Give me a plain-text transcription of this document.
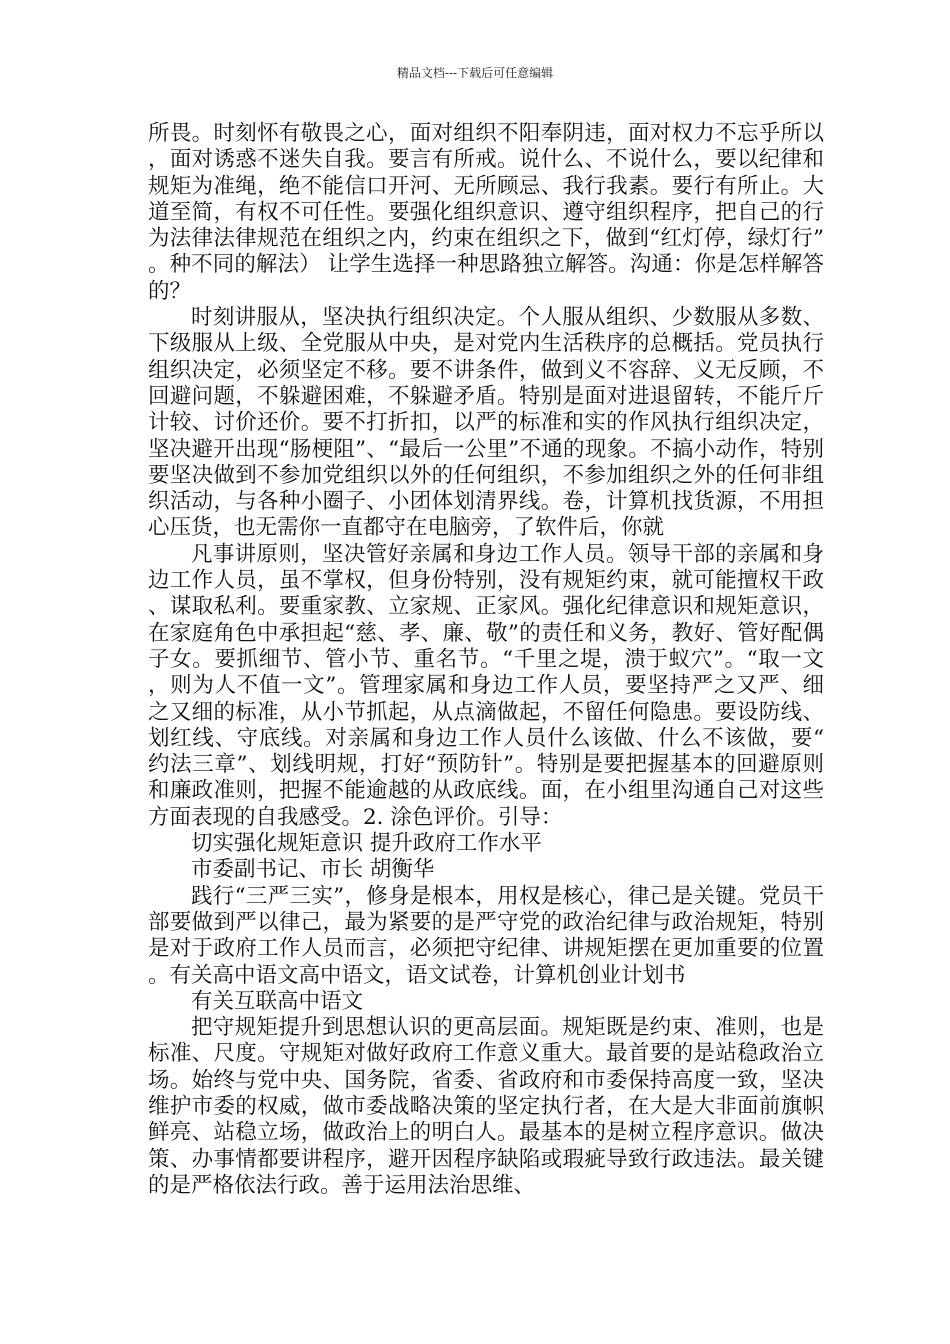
精品文档---下载后可任意编辑

所畏。时刻怀有敬畏之心，面对组织不阳奉阴违，面对权力不忘乎所以，面对诱惑不迷失自我。要言有所戒。说什么、不说什么，要以纪律和规矩为准绳，绝不能信口开河、无所顾忌、我行我素。要行有所止。大道至简，有权不可任性。要强化组织意识、遵守组织程序，把自己的行为法律法律规范在组织之内，约束在组织之下，做到“红灯停，绿灯行”。种不同的解法） 让学生选择一种思路独立解答。沟通：你是怎样解答的？

时刻讲服从，坚决执行组织决定。个人服从组织、少数服从多数、下级服从上级、全党服从中央，是对党内生活秩序的总概括。党员执行组织决定，必须坚定不移。要不讲条件，做到义不容辞、义无反顾，不回避问题，不躲避困难，不躲避矛盾。特别是面对进退留转，不能斤斤计较、讨价还价。要不打折扣，以严的标准和实的作风执行组织决定，坚决避开出现“肠梗阻”、“最后一公里”不通的现象。不搞小动作，特别要坚决做到不参加党组织以外的任何组织，不参加组织之外的任何非组织活动，与各种小圈子、小团体划清界线。卷，计算机找货源，不用担心压货，也无需你一直都守在电脑旁，了软件后，你就

凡事讲原则，坚决管好亲属和身边工作人员。领导干部的亲属和身边工作人员，虽不掌权，但身份特别，没有规矩约束，就可能擅权干政、谋取私利。要重家教、立家规、正家风。强化纪律意识和规矩意识，在家庭角色中承担起“慈、孝、廉、敬”的责任和义务，教好、管好配偶子女。要抓细节、管小节、重名节。“千里之堤，溃于蚁穴”。“取一文，则为人不值一文”。管理家属和身边工作人员，要坚持严之又严、细之又细的标准，从小节抓起，从点滴做起，不留任何隐患。要设防线、划红线、守底线。对亲属和身边工作人员什么该做、什么不该做，要“约法三章”、划线明规，打好“预防针”。特别是要把握基本的回避原则和廉政准则，把握不能逾越的从政底线。面，在小组里沟通自己对这些方面表现的自我感受。2. 涂色评价。引导：

切实强化规矩意识 提升政府工作水平

市委副书记、市长 胡衡华

践行“三严三实”，修身是根本，用权是核心，律己是关键。党员干部要做到严以律己，最为紧要的是严守党的政治纪律与政治规矩，特别是对于政府工作人员而言，必须把守纪律、讲规矩摆在更加重要的位置。有关高中语文高中语文，语文试卷，计算机创业计划书

有关互联高中语文

把守规矩提升到思想认识的更高层面。规矩既是约束、准则，也是标准、尺度。守规矩对做好政府工作意义重大。最首要的是站稳政治立场。始终与党中央、国务院，省委、省政府和市委保持高度一致，坚决维护市委的权威，做市委战略决策的坚定执行者，在大是大非面前旗帜鲜亮、站稳立场，做政治上的明白人。最基本的是树立程序意识。做决策、办事情都要讲程序，避开因程序缺陷或瑕疵导致行政违法。最关键的是严格依法行政。善于运用法治思维、
